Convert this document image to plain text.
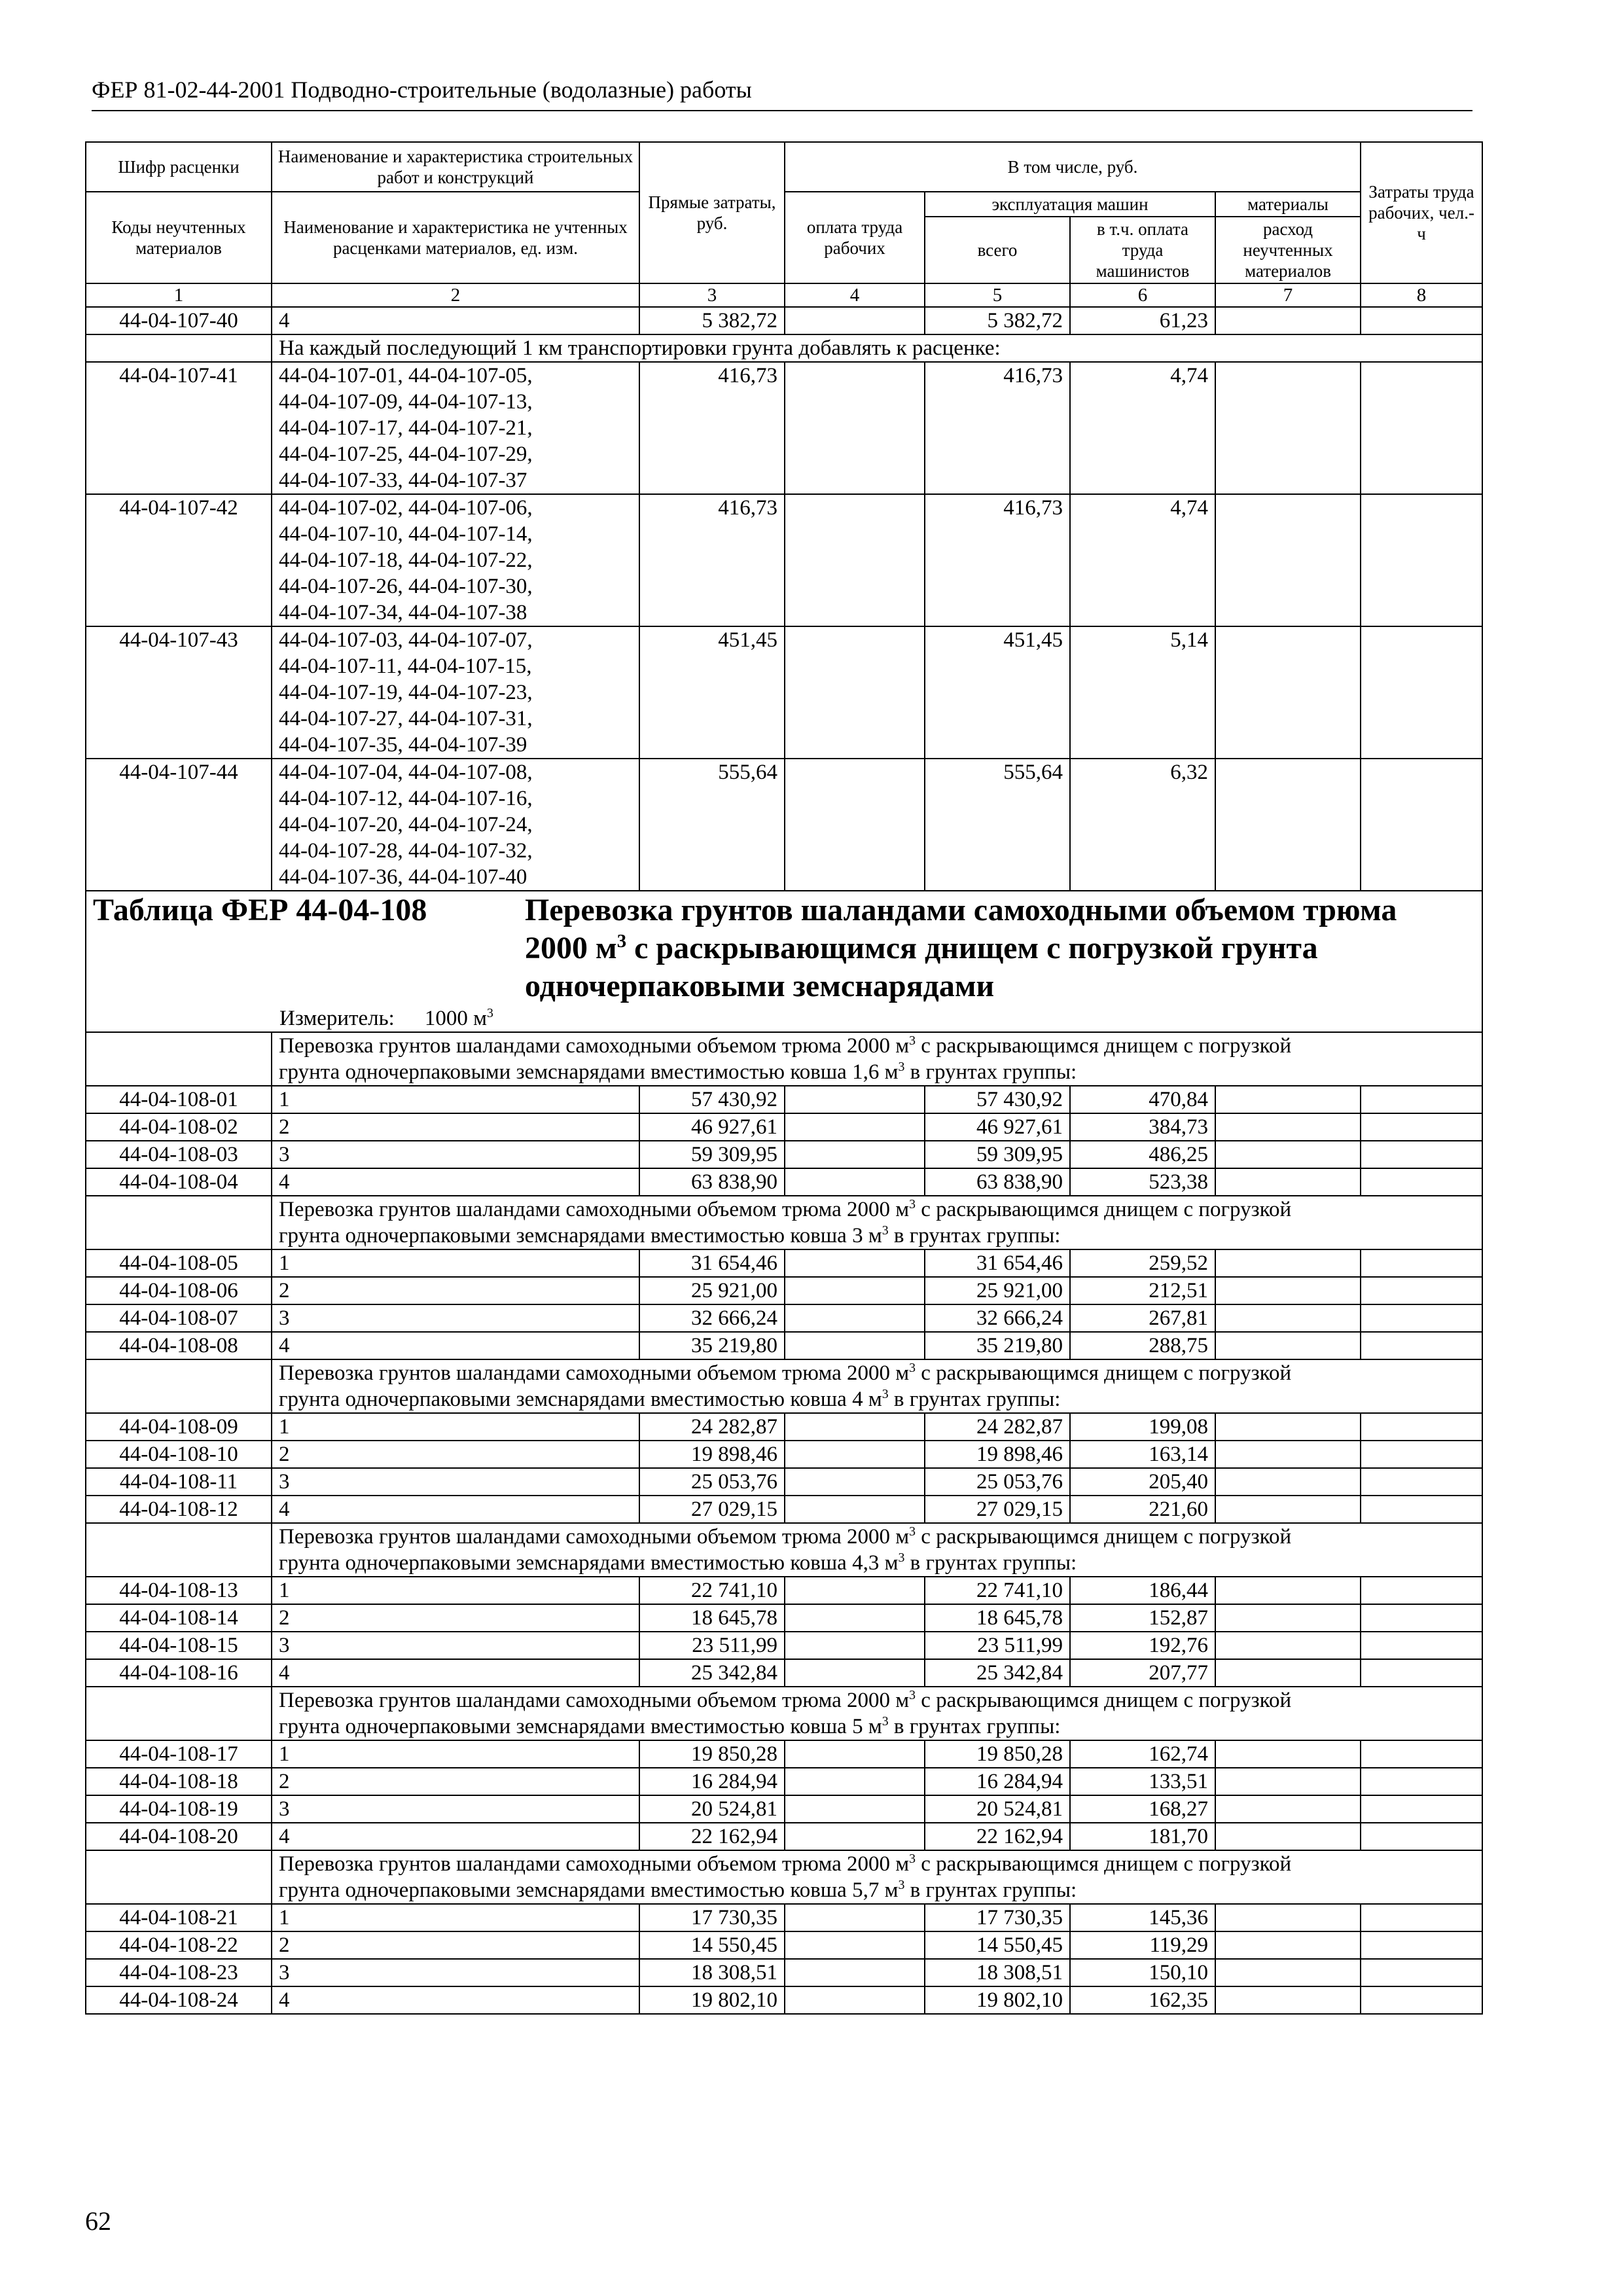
ФЕР 81-02-44-2001 Подводно-строительные (водолазные) работы
Шифр расценки	Наименование и характеристика строительных работ и конструкций	Прямые затраты, руб.	В том числе, руб.				Затраты труда рабочих, чел.-ч
Коды неучтенных материалов	Наименование и характеристика не учтенных расценками материалов, ед. изм.		оплата труда рабочих	эксплуатация машин		материалы	
				всего	в т.ч. оплата труда машинистов	расход неучтенных материалов	
1	2	3	4	5	6	7	8
44-04-107-40	4	5 382,72		5 382,72	61,23		
	На каждый последующий 1 км транспортировки грунта добавлять к расценке:						
44-04-107-41	44-04-107-01, 44-04-107-05,
44-04-107-09, 44-04-107-13,
44-04-107-17, 44-04-107-21,
44-04-107-25, 44-04-107-29,
44-04-107-33, 44-04-107-37	416,73		416,73	4,74		
44-04-107-42	44-04-107-02, 44-04-107-06,
44-04-107-10, 44-04-107-14,
44-04-107-18, 44-04-107-22,
44-04-107-26, 44-04-107-30,
44-04-107-34, 44-04-107-38	416,73		416,73	4,74		
44-04-107-43	44-04-107-03, 44-04-107-07,
44-04-107-11, 44-04-107-15,
44-04-107-19, 44-04-107-23,
44-04-107-27, 44-04-107-31,
44-04-107-35, 44-04-107-39	451,45		451,45	5,14		
44-04-107-44	44-04-107-04, 44-04-107-08,
44-04-107-12, 44-04-107-16,
44-04-107-20, 44-04-107-24,
44-04-107-28, 44-04-107-32,
44-04-107-36, 44-04-107-40	555,64		555,64	6,32		

Таблица ФЕР 44-04-108 Перевозка грунтов шаландами самоходными объемом трюма
2000 $м^3$ с раскрывающимся днищем с погрузкой грунта
одночерпаковыми земснарядами
Измеритель: 1000 $м^3$

	Перевозка грунтов шаландами самоходными объемом трюма 2000 $м^3$ с раскрывающимся днищем с погрузкой
грунта одночерпаковыми земснарядами вместимостью ковша 1,6 $м^3$ в грунтах группы:						

44-04-108-01	1	57 430,92		57 430,92	470,84		
44-04-108-02	2	46 927,61		46 927,61	384,73		
44-04-108-03	3	59 309,95		59 309,95	486,25		
44-04-108-04	4	63 838,90		63 838,90	523,38		

	Перевозка грунтов шаландами самоходными объемом трюма 2000 $м^3$ с раскрывающимся днищем с погрузкой
грунта одночерпаковыми земснарядами вместимостью ковша 3 $м^3$ в грунтах группы:						

44-04-108-05	1	31 654,46		31 654,46	259,52		
44-04-108-06	2	25 921,00		25 921,00	212,51		
44-04-108-07	3	32 666,24		32 666,24	267,81		
44-04-108-08	4	35 219,80		35 219,80	288,75		

	Перевозка грунтов шаландами самоходными объемом трюма 2000 $м^3$ с раскрывающимся днищем с погрузкой
грунта одночерпаковыми земснарядами вместимостью ковша 4 $м^3$ в грунтах группы:						

44-04-108-09	1	24 282,87		24 282,87	199,08		
44-04-108-10	2	19 898,46		19 898,46	163,14		
44-04-108-11	3	25 053,76		25 053,76	205,40		
44-04-108-12	4	27 029,15		27 029,15	221,60		

	Перевозка грунтов шаландами самоходными объемом трюма 2000 $м^3$ с раскрывающимся днищем с погрузкой
грунта одночерпаковыми земснарядами вместимостью ковша 4,3 $м^3$ в грунтах группы:						

44-04-108-13	1	22 741,10		22 741,10	186,44		
44-04-108-14	2	18 645,78		18 645,78	152,87		
44-04-108-15	3	23 511,99		23 511,99	192,76		
44-04-108-16	4	25 342,84		25 342,84	207,77		

	Перевозка грунтов шаландами самоходными объемом трюма 2000 $м^3$ с раскрывающимся днищем с погрузкой
грунта одночерпаковыми земснарядами вместимостью ковша 5 $м^3$ в грунтах группы:						

44-04-108-17	1	19 850,28		19 850,28	162,74		
44-04-108-18	2	16 284,94		16 284,94	133,51		
44-04-108-19	3	20 524,81		20 524,81	168,27		
44-04-108-20	4	22 162,94		22 162,94	181,70		

	Перевозка грунтов шаландами самоходными объемом трюма 2000 $м^3$ с раскрывающимся днищем с погрузкой
грунта одночерпаковыми земснарядами вместимостью ковша 5,7 $м^3$ в грунтах группы:						

44-04-108-21	1	17 730,35		17 730,35	145,36		
44-04-108-22	2	14 550,45		14 550,45	119,29		
44-04-108-23	3	18 308,51		18 308,51	150,10		
44-04-108-24	4	19 802,10		19 802,10	162,35		
62
